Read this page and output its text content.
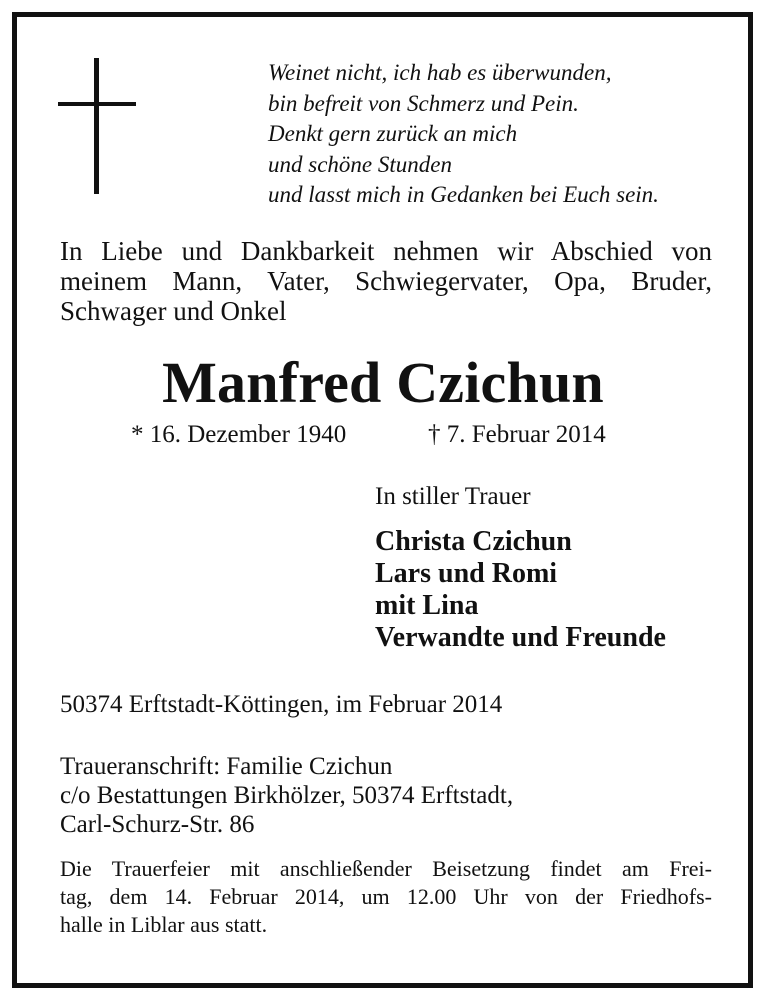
Weinet nicht, ich hab es überwunden,
bin befreit von Schmerz und Pein.
Denkt gern zurück an mich
und schöne Stunden
und lasst mich in Gedanken bei Euch sein.
In Liebe und Dankbarkeit nehmen wir Abschied von
meinem Mann, Vater, Schwiegervater, Opa, Bruder,
Schwager und Onkel
Manfred Czichun
* 16. Dezember 1940	† 7. Februar 2014
In stiller Trauer
Christa Czichun
Lars und Romi
mit Lina
Verwandte und Freunde
50374 Erftstadt-Köttingen, im Februar 2014
Traueranschrift: Familie Czichun
c/o Bestattungen Birkhölzer, 50374 Erftstadt,
Carl-Schurz-Str. 86
Die Trauerfeier mit anschließender Beisetzung findet am Frei-
tag, dem 14. Februar 2014, um 12.00 Uhr von der Friedhofs-
halle in Liblar aus statt.
